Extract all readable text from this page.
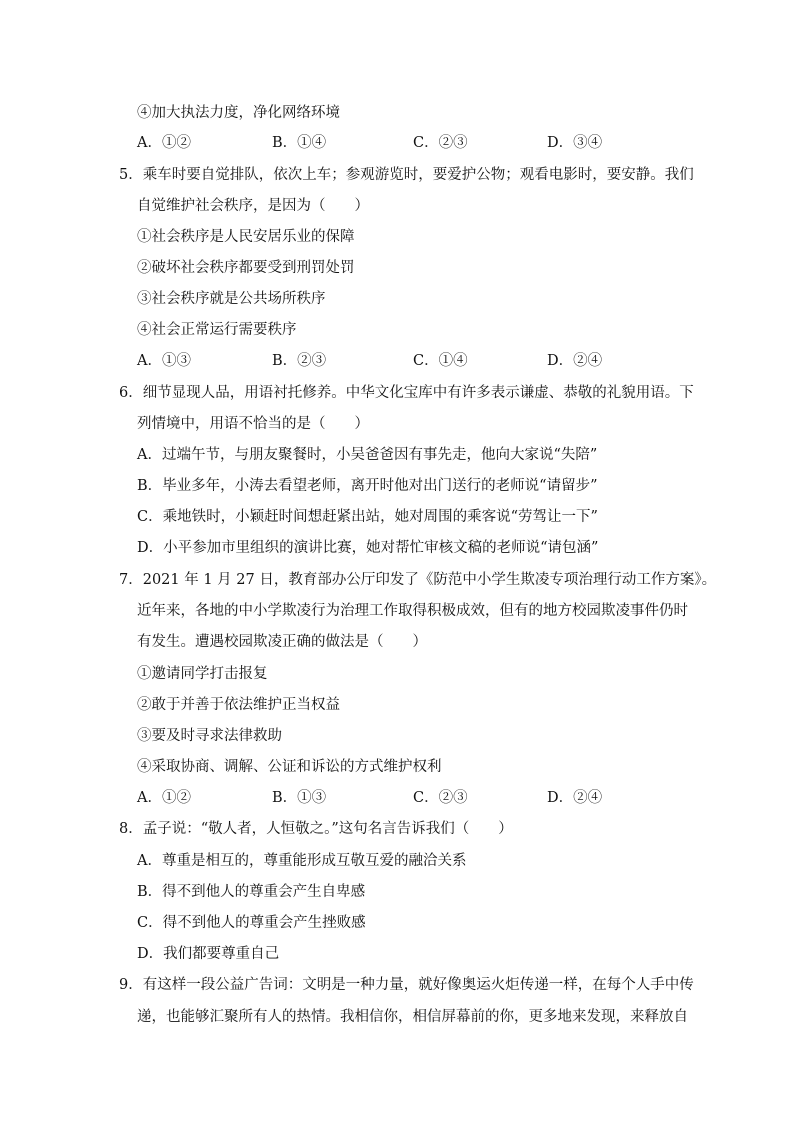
④加大执法力度，净化网络环境
A．①②	B．①④	C．②③	D．③④
5．乘车时要自觉排队，依次上车；参观游览时，要爱护公物；观看电影时，要安静。我们
自觉维护社会秩序，是因为（　　）
①社会秩序是人民安居乐业的保障
②破坏社会秩序都要受到刑罚处罚
③社会秩序就是公共场所秩序
④社会正常运行需要秩序
A．①③	B．②③	C．①④	D．②④
6．细节显现人品，用语衬托修养。中华文化宝库中有许多表示谦虚、恭敬的礼貌用语。下
列情境中，用语不恰当的是（　　）
A．过端午节，与朋友聚餐时，小吴爸爸因有事先走，他向大家说“失陪”
B．毕业多年，小涛去看望老师，离开时他对出门送行的老师说“请留步”
C．乘地铁时，小颖赶时间想赶紧出站，她对周围的乘客说“劳驾让一下”
D．小平参加市里组织的演讲比赛，她对帮忙审核文稿的老师说“请包涵”
7．2021 年 1 月 27 日，教育部办公厅印发了《防范中小学生欺凌专项治理行动工作方案》。
近年来，各地的中小学欺凌行为治理工作取得积极成效，但有的地方校园欺凌事件仍时
有发生。遭遇校园欺凌正确的做法是（　　）
①邀请同学打击报复
②敢于并善于依法维护正当权益
③要及时寻求法律救助
④采取协商、调解、公证和诉讼的方式维护权利
A．①②	B．①③	C．②③	D．②④
8．孟子说：“敬人者，人恒敬之。”这句名言告诉我们（　　）
A．尊重是相互的，尊重能形成互敬互爱的融洽关系
B．得不到他人的尊重会产生自卑感
C．得不到他人的尊重会产生挫败感
D．我们都要尊重自己
9．有这样一段公益广告词：文明是一种力量，就好像奥运火炬传递一样，在每个人手中传
递，也能够汇聚所有人的热情。我相信你，相信屏幕前的你，更多地来发现，来释放自
